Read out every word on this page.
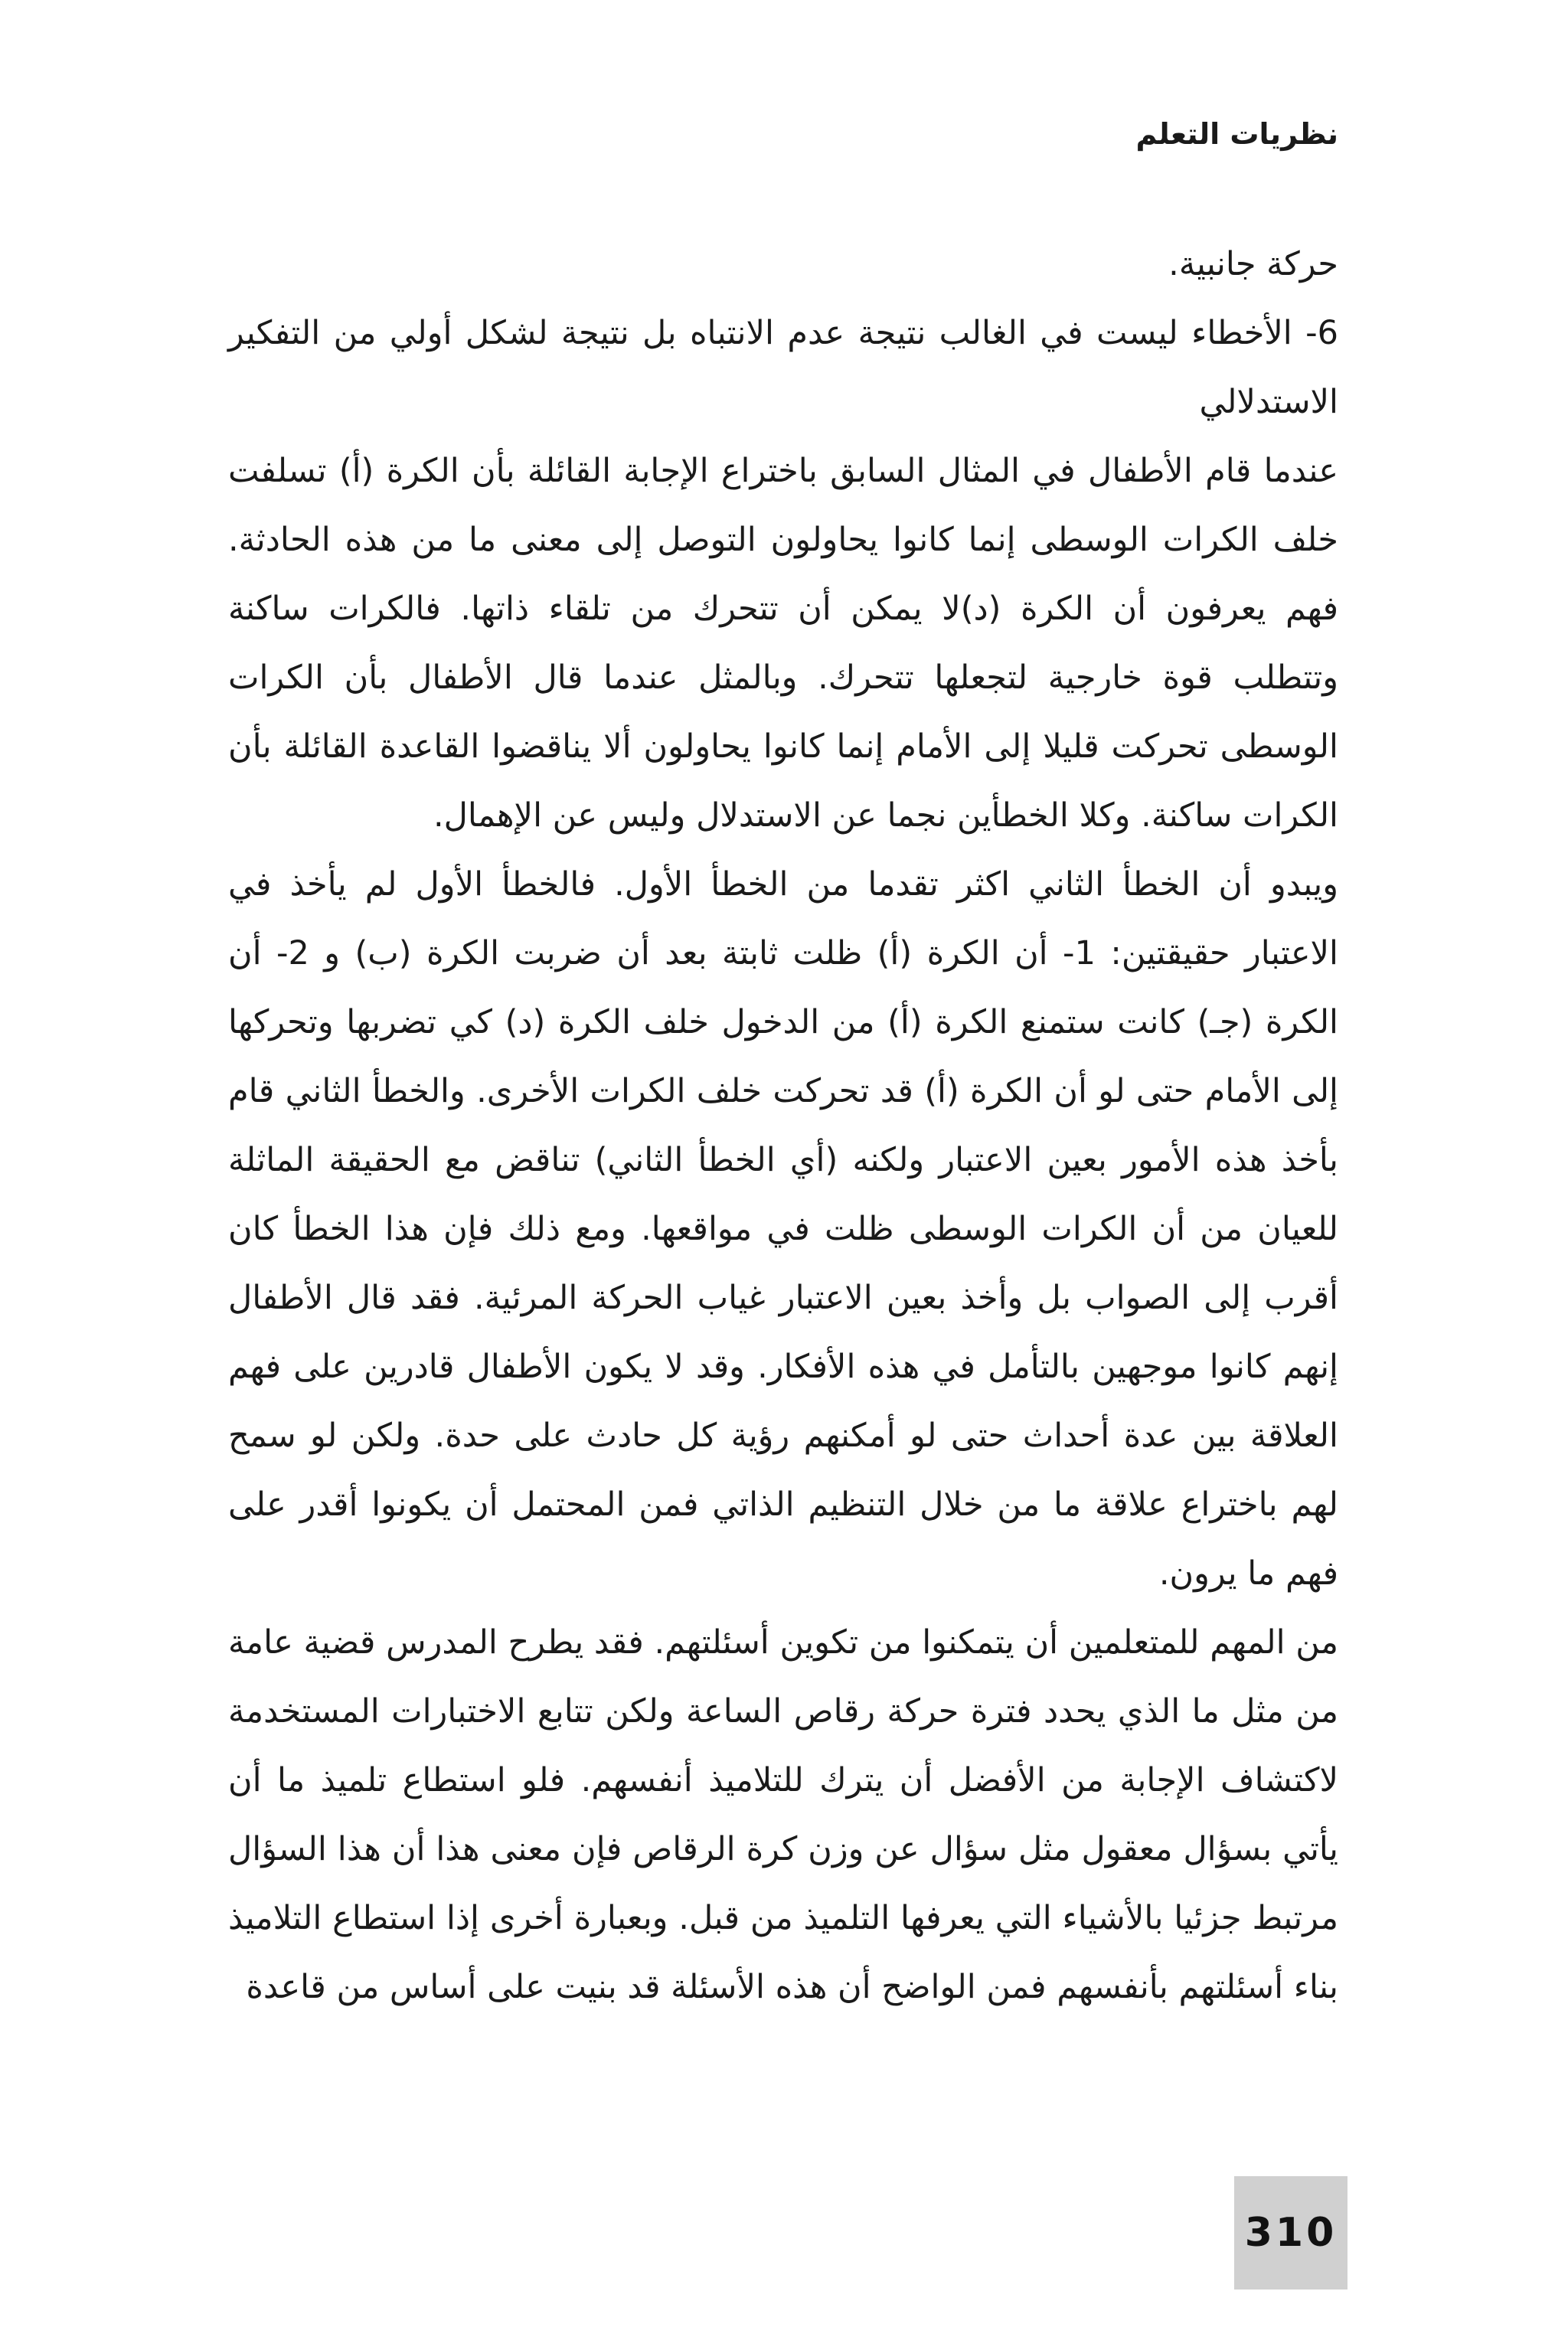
نظريات التعلم

حركة جانبية.

6- الأخطاء ليست في الغالب نتيجة عدم الانتباه بل نتيجة لشكل أولي من التفكير الاستدلالي

عندما قام الأطفال في المثال السابق باختراع الإجابة القائلة بأن الكرة (أ) تسلفت خلف الكرات الوسطى إنما كانوا يحاولون التوصل إلى معنى ما من هذه الحادثة. فهم يعرفون أن الكرة (د)لا يمكن أن تتحرك من تلقاء ذاتها. فالكرات ساكنة وتتطلب قوة خارجية لتجعلها تتحرك. وبالمثل عندما قال الأطفال بأن الكرات الوسطى تحركت قليلا إلى الأمام إنما كانوا يحاولون ألا يناقضوا القاعدة القائلة بأن الكرات ساكنة. وكلا الخطأين نجما عن الاستدلال وليس عن الإهمال.

ويبدو أن الخطأ الثاني اكثر تقدما من الخطأ الأول. فالخطأ الأول لم يأخذ في الاعتبار حقيقتين: 1- أن الكرة (أ) ظلت ثابتة بعد أن ضربت الكرة (ب) و 2- أن الكرة (جـ) كانت ستمنع الكرة (أ) من الدخول خلف الكرة (د) كي تضربها وتحركها إلى الأمام حتى لو أن الكرة (أ) قد تحركت خلف الكرات الأخرى. والخطأ الثاني قام بأخذ هذه الأمور بعين الاعتبار ولكنه (أي الخطأ الثاني) تناقض مع الحقيقة الماثلة للعيان من أن الكرات الوسطى ظلت في مواقعها. ومع ذلك فإن هذا الخطأ كان أقرب إلى الصواب بل وأخذ بعين الاعتبار غياب الحركة المرئية. فقد قال الأطفال إنهم كانوا موجهين بالتأمل في هذه الأفكار. وقد لا يكون الأطفال قادرين على فهم العلاقة بين عدة أحداث حتى لو أمكنهم رؤية كل حادث على حدة. ولكن لو سمح لهم باختراع علاقة ما من خلال التنظيم الذاتي فمن المحتمل أن يكونوا أقدر على فهم ما يرون.

من المهم للمتعلمين أن يتمكنوا من تكوين أسئلتهم. فقد يطرح المدرس قضية عامة من مثل ما الذي يحدد فترة حركة رقاص الساعة ولكن تتابع الاختبارات المستخدمة لاكتشاف الإجابة من الأفضل أن يترك للتلاميذ أنفسهم. فلو استطاع تلميذ ما أن يأتي بسؤال معقول مثل سؤال عن وزن كرة الرقاص فإن معنى هذا أن هذا السؤال مرتبط جزئيا بالأشياء التي يعرفها التلميذ من قبل. وبعبارة أخرى إذا استطاع التلاميذ بناء أسئلتهم بأنفسهم فمن الواضح أن هذه الأسئلة قد بنيت على أساس من قاعدة

310
